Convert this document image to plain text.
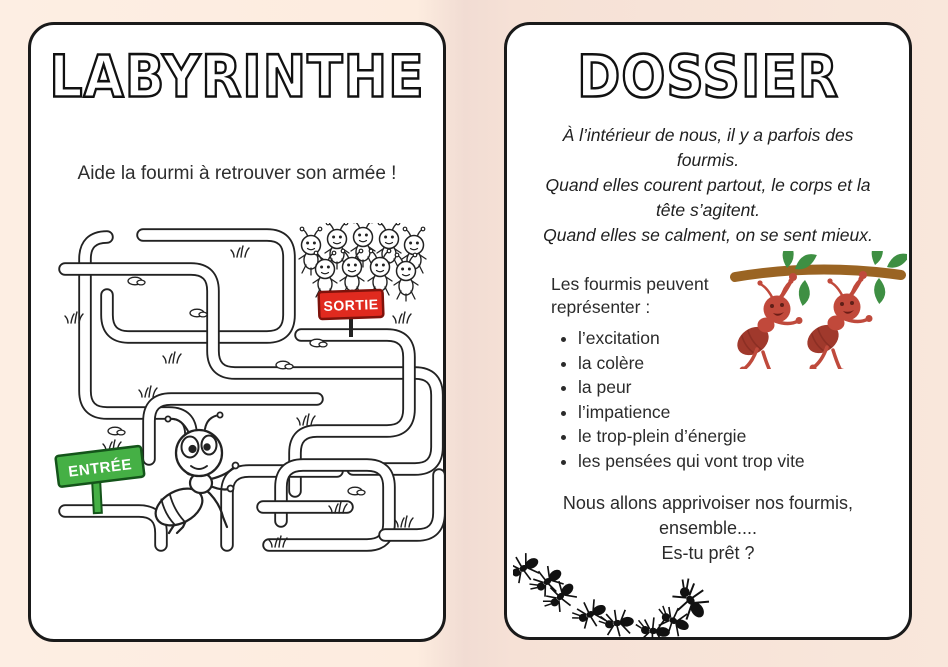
LABYRINTHE
Aide la fourmi à retrouver son armée !
SORTIE
ENTRÉE
DOSSIER

À l’intérieur de nous, il y a parfois des fourmis.

Quand elles courent partout, le corps et la tête s’agitent.

Quand elles se calment, on se sent mieux.

Les fourmis peuvent représenter :
• l’excitation
• la colère
• la peur
• l’impatience
• le trop-plein d’énergie
• les pensées qui vont trop vite
Nous allons apprivoiser nos fourmis,
ensemble....
Es-tu prêt ?
